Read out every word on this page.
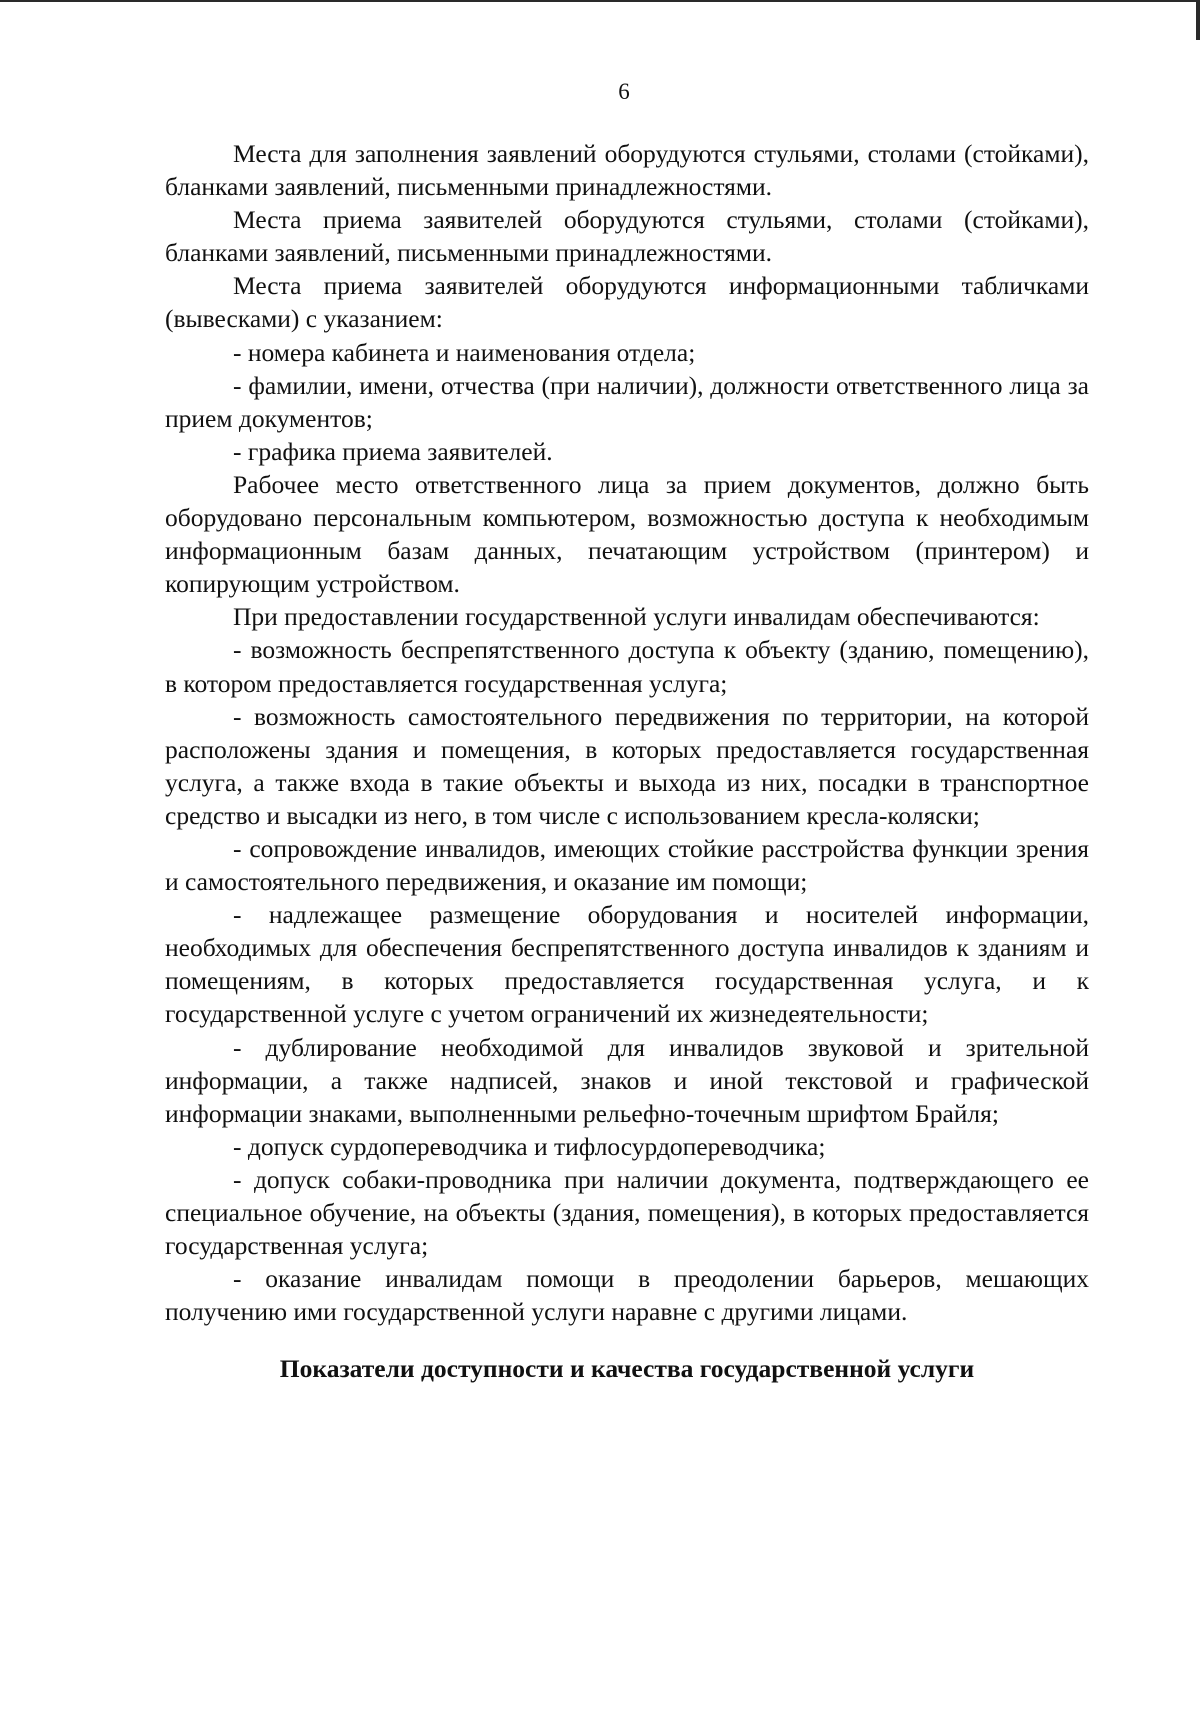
6

Места для заполнения заявлений оборудуются стульями, столами (стойками), бланками заявлений, письменными принадлежностями.

Места приема заявителей оборудуются стульями, столами (стойками), бланками заявлений, письменными принадлежностями.

Места приема заявителей оборудуются информационными табличками (вывесками) с указанием:

- номера кабинета и наименования отдела;

- фамилии, имени, отчества (при наличии), должности ответственного лица за прием документов;

- графика приема заявителей.

Рабочее место ответственного лица за прием документов, должно быть оборудовано персональным компьютером, возможностью доступа к необходимым информационным базам данных, печатающим устройством (принтером) и копирующим устройством.

При предоставлении государственной услуги инвалидам обеспечиваются:

- возможность беспрепятственного доступа к объекту (зданию, помещению), в котором предоставляется государственная услуга;

- возможность самостоятельного передвижения по территории, на которой расположены здания и помещения, в которых предоставляется государственная услуга, а также входа в такие объекты и выхода из них, посадки в транспортное средство и высадки из него, в том числе с использованием кресла-коляски;

- сопровождение инвалидов, имеющих стойкие расстройства функции зрения и самостоятельного передвижения, и оказание им помощи;

- надлежащее размещение оборудования и носителей информации, необходимых для обеспечения беспрепятственного доступа инвалидов к зданиям и помещениям, в которых предоставляется государственная услуга, и к государственной услуге с учетом ограничений их жизнедеятельности;

- дублирование необходимой для инвалидов звуковой и зрительной информации, а также надписей, знаков и иной текстовой и графической информации знаками, выполненными рельефно-точечным шрифтом Брайля;

- допуск сурдопереводчика и тифлосурдопереводчика;

- допуск собаки-проводника при наличии документа, подтверждающего ее специальное обучение, на объекты (здания, помещения), в которых предоставляется государственная услуга;

- оказание инвалидам помощи в преодолении барьеров, мешающих получению ими государственной услуги наравне с другими лицами.

Показатели доступности и качества государственной услуги
